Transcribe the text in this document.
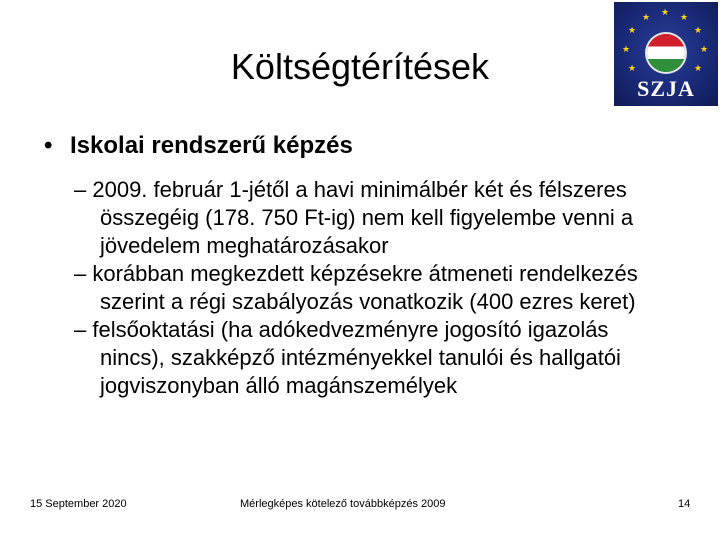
Költségtérítések
★ ★
★
★
★
★
★
★
★
SZJA
• Iskolai rendszerű képzés

– 2009. február 1-jétől a havi minimálbér két és félszeres összegéig (178. 750 Ft-ig) nem kell figyelembe venni a jövedelem meghatározásakor

– korábban megkezdett képzésekre átmeneti rendelkezés szerint a régi szabályozás vonatkozik (400 ezres keret)

– felsőoktatási (ha adókedvezményre jogosító igazolás nincs), szakképző intézményekkel tanulói és hallgatói jogviszonyban álló magánszemélyek

15 September 2020	Mérlegképes kötelező továbbképzés 2009	14
